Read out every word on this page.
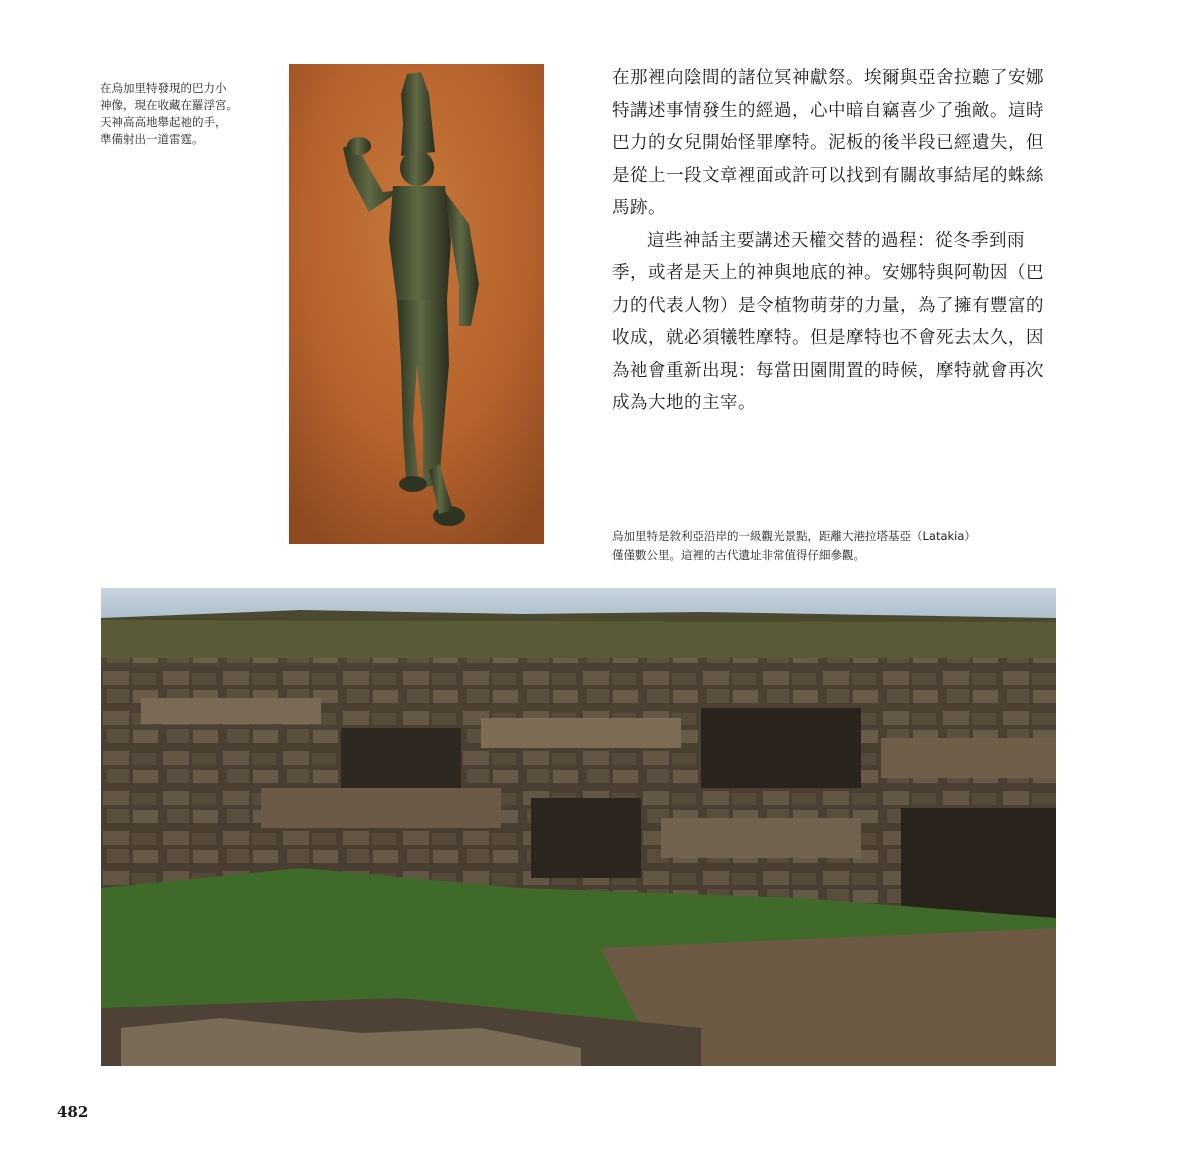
在烏加里特發現的巴力小
神像，現在收藏在羅浮宮。
天神高高地舉起祂的手，
準備射出一道雷霆。

在那裡向陰間的諸位冥神獻祭。埃爾與亞舍拉聽了安娜特講述事情發生的經過，心中暗自竊喜少了強敵。這時巴力的女兒開始怪罪摩特。泥板的後半段已經遺失，但是從上一段文章裡面或許可以找到有關故事結尾的蛛絲馬跡。

這些神話主要講述天權交替的過程：從冬季到雨季，或者是天上的神與地底的神。安娜特與阿勒因（巴力的代表人物）是令植物萌芽的力量，為了擁有豐富的收成，就必須犧牲摩特。但是摩特也不會死去太久，因為祂會重新出現：每當田園閒置的時候，摩特就會再次成為大地的主宰。

烏加里特是敘利亞沿岸的一級觀光景點，距離大港拉塔基亞（Latakia）
僅僅數公里。這裡的古代遺址非常值得仔細參觀。
482
